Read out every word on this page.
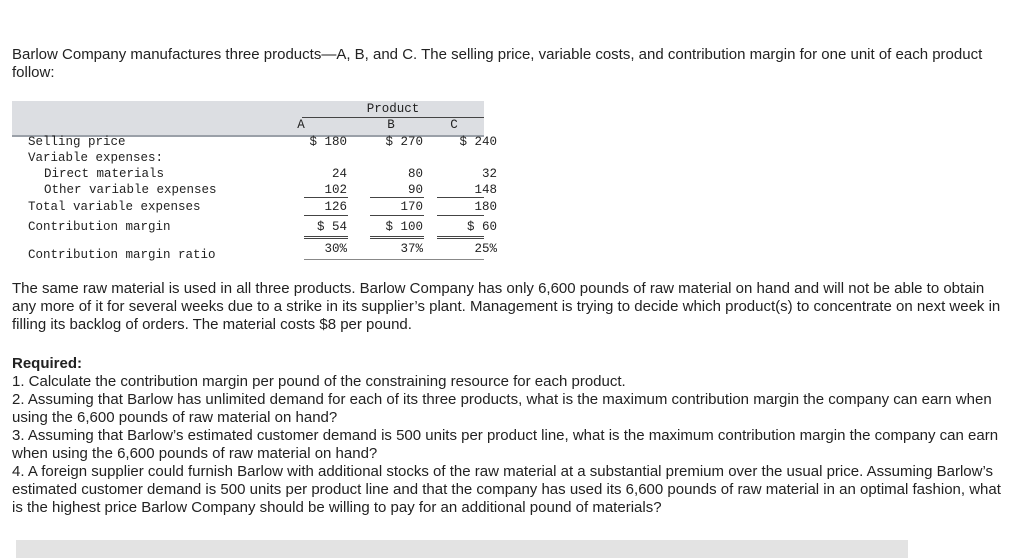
Barlow Company manufactures three products—A, B, and C. The selling price, variable costs, and contribution margin for one unit of each product follow:

Product
A	B	C
Selling price	$ 180	$ 270	$ 240
Variable expenses:
Direct materials	24	80	32
Other variable expenses	102	90	148
Total variable expenses	126	170	180
Contribution margin	$ 54	$ 100	$ 60
Contribution margin ratio	30%	37%	25%

The same raw material is used in all three products. Barlow Company has only 6,600 pounds of raw material on hand and will not be able to obtain any more of it for several weeks due to a strike in its supplier’s plant. Management is trying to decide which product(s) to concentrate on next week in filling its backlog of orders. The material costs $8 per pound.

Required:

1. Calculate the contribution margin per pound of the constraining resource for each product.
2. Assuming that Barlow has unlimited demand for each of its three products, what is the maximum contribution margin the company can earn when using the 6,600 pounds of raw material on hand?
3. Assuming that Barlow’s estimated customer demand is 500 units per product line, what is the maximum contribution margin the company can earn when using the 6,600 pounds of raw material on hand?
4. A foreign supplier could furnish Barlow with additional stocks of the raw material at a substantial premium over the usual price. Assuming Barlow’s estimated customer demand is 500 units per product line and that the company has used its 6,600 pounds of raw material in an optimal fashion, what is the highest price Barlow Company should be willing to pay for an additional pound of materials?
